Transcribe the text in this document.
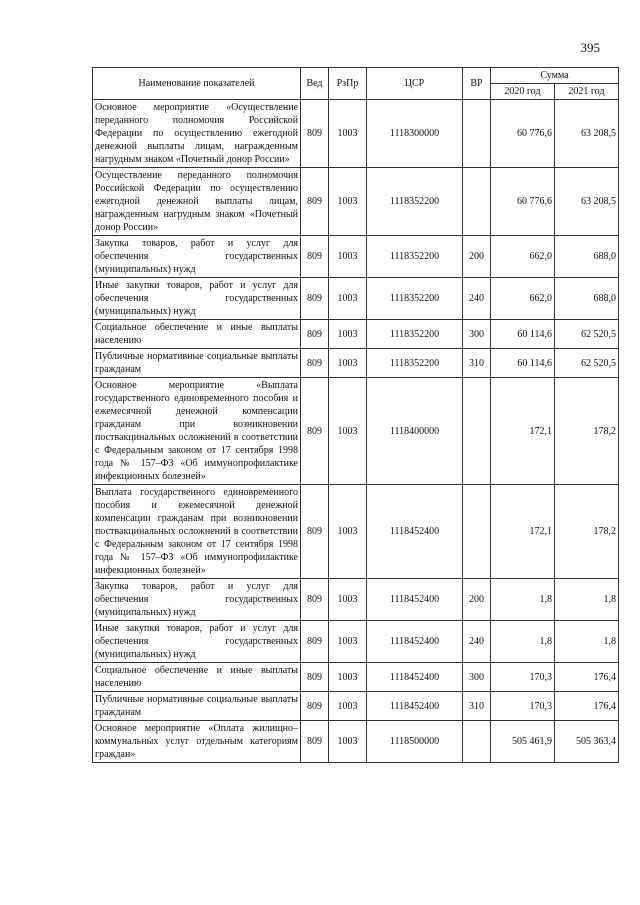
395
Наименование показателей	Вед	РзПр	ЦСР	ВР	Сумма	
					2020 год	2021 год
Основное мероприятие «Осуществление переданного полномочия Российской Федерации по осуществлению ежегодной денежной выплаты лицам, награжденным нагрудным знаком «Почетный донор России»	809	1003	1118300000		60 776,6	63 208,5
Осуществление переданного полномочия Российской Федерации по осуществлению ежегодной денежной выплаты лицам, награжденным нагрудным знаком «Почетный донор России»	809	1003	1118352200		60 776,6	63 208,5
Закупка товаров, работ и услуг для обеспечения государственных (муниципальных) нужд	809	1003	1118352200	200	662,0	688,0
Иные закупки товаров, работ и услуг для обеспечения государственных (муниципальных) нужд	809	1003	1118352200	240	662,0	688,0
Социальное обеспечение и иные выплаты населению	809	1003	1118352200	300	60 114,6	62 520,5
Публичные нормативные социальные выплаты гражданам	809	1003	1118352200	310	60 114,6	62 520,5
Основное мероприятие «Выплата государственного единовременного пособия и ежемесячной денежной компенсации гражданам при возникновении поствакцинальных осложнений в соответствии с Федеральным законом от 17 сентября 1998 года № 157–ФЗ «Об иммунопрофилактике инфекционных болезней»	809	1003	1118400000		172,1	178,2
Выплата государственного единовременного пособия и ежемесячной денежной компенсации гражданам при возникновении поствакцинальных осложнений в соответствии с Федеральным законом от 17 сентября 1998 года № 157–ФЗ «Об иммунопрофилактике инфекционных болезней»	809	1003	1118452400		172,1	178,2
Закупка товаров, работ и услуг для обеспечения государственных (муниципальных) нужд	809	1003	1118452400	200	1,8	1,8
Иные закупки товаров, работ и услуг для обеспечения государственных (муниципальных) нужд	809	1003	1118452400	240	1,8	1,8
Социальное обеспечение и иные выплаты населению	809	1003	1118452400	300	170,3	176,4
Публичные нормативные социальные выплаты гражданам	809	1003	1118452400	310	170,3	176,4
Основное мероприятие «Оплата жилищно–коммунальных услуг отдельным категориям граждан»	809	1003	1118500000		505 461,9	505 363,4
